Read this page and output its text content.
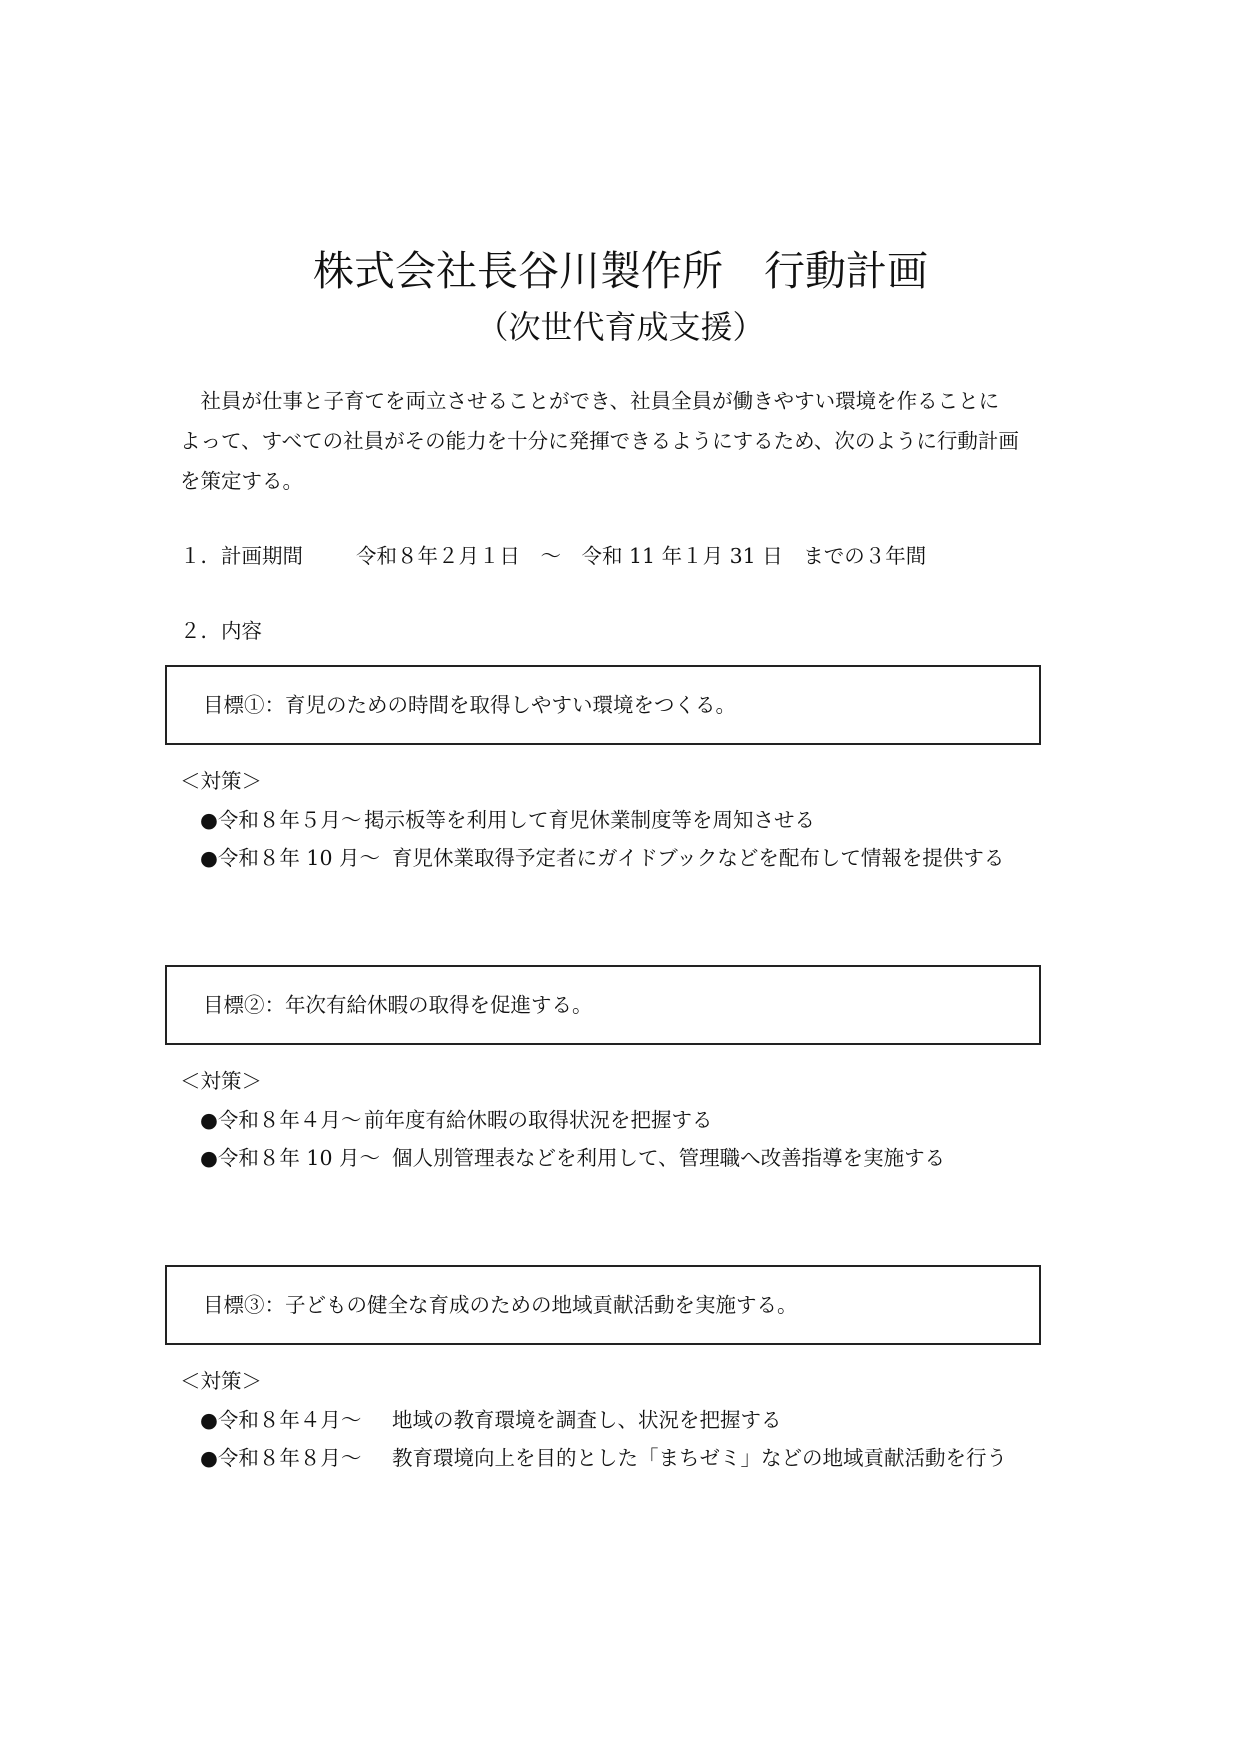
株式会社長谷川製作所　行動計画
（次世代育成支援）
　社員が仕事と子育てを両立させることができ、社員全員が働きやすい環境を作ることに
よって、すべての社員がその能力を十分に発揮できるようにするため、次のように行動計画
を策定する。
１．計画期間	令和８年２月１日　～　令和 11 年１月 31 日　までの３年間
２．内容
目標①：育児のための時間を取得しやすい環境をつくる。
＜対策＞
●令和８年５月～ 掲示板等を利用して育児休業制度等を周知させる
●令和８年 10 月～ 育児休業取得予定者にガイドブックなどを配布して情報を提供する
目標②：年次有給休暇の取得を促進する。
＜対策＞
●令和８年４月～ 前年度有給休暇の取得状況を把握する
●令和８年 10 月～ 個人別管理表などを利用して、管理職へ改善指導を実施する
目標③：子どもの健全な育成のための地域貢献活動を実施する。
＜対策＞
●令和８年４月～ 地域の教育環境を調査し、状況を把握する
●令和８年８月～ 教育環境向上を目的とした「まちゼミ」などの地域貢献活動を行う
